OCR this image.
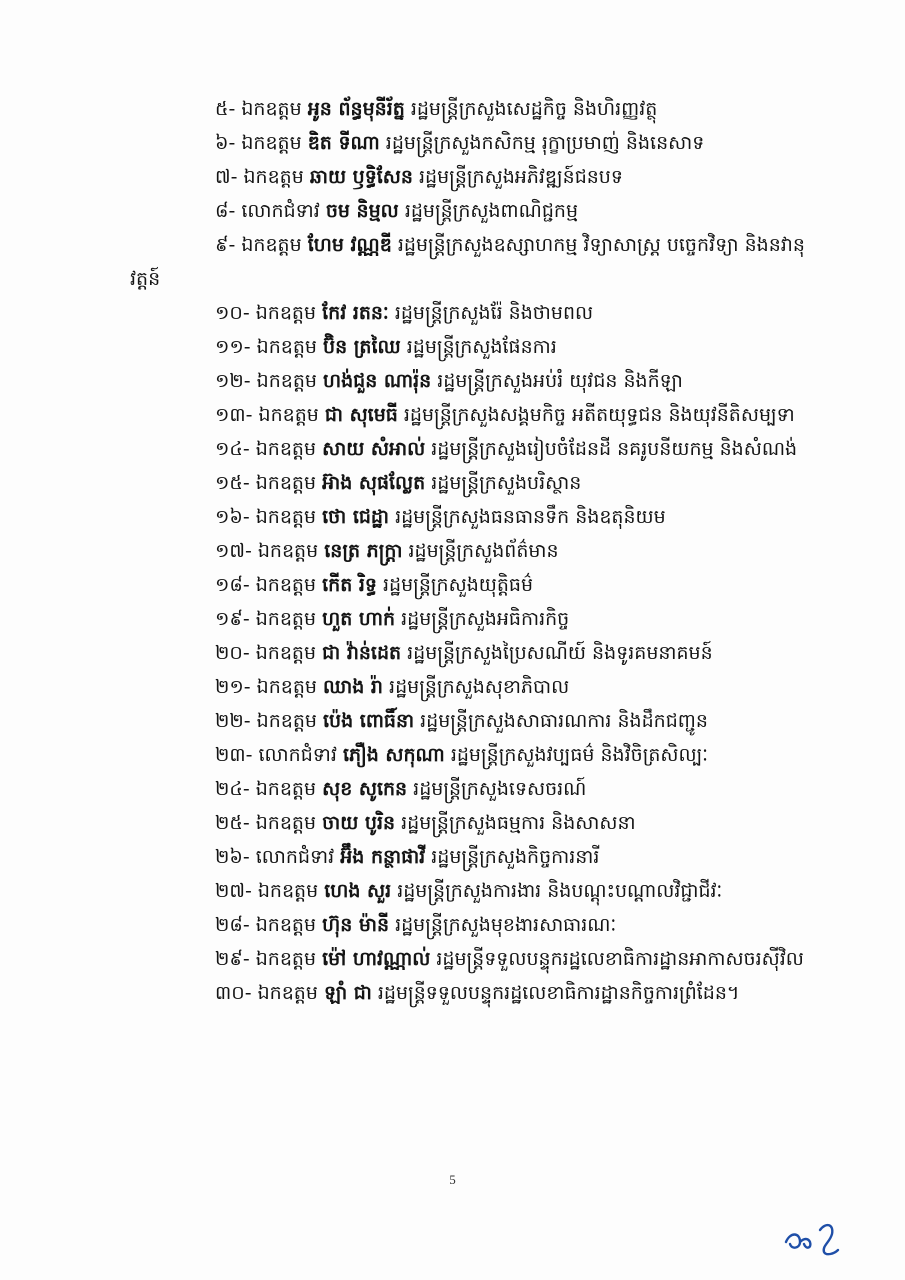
៥- ឯកឧត្តម អូន ព័ន្ធមុនីរ័ត្ន រដ្ឋមន្ត្រីក្រសួងសេដ្ឋកិច្ច និងហិរញ្ញវត្ថុ
៦- ឯកឧត្តម ឌិត ទីណា រដ្ឋមន្ត្រីក្រសួងកសិកម្ម រុក្ខាប្រមាញ់ និងនេសាទ
៧- ឯកឧត្តម ឆាយ ឫទ្ធិសែន រដ្ឋមន្ត្រីក្រសួងអភិវឌ្ឍន៍ជនបទ
៨- លោកជំទាវ ចម និម្មល រដ្ឋមន្ត្រីក្រសួងពាណិជ្ជកម្ម
៩- ឯកឧត្តម ហែម វណ្ណឌី រដ្ឋមន្ត្រីក្រសួងឧស្សាហកម្ម វិទ្យាសាស្ត្រ បច្ចេកវិទ្យា និងនវានុវត្តន៍
១០- ឯកឧត្តម កែវ រតនៈ រដ្ឋមន្ត្រីក្រសួងរ៉ែ និងថាមពល
១១- ឯកឧត្តម ប៊ិន ត្រឈៃ រដ្ឋមន្ត្រីក្រសួងផែនការ
១២- ឯកឧត្តម ហង់ជួន ណារ៉ុន រដ្ឋមន្ត្រីក្រសួងអប់រំ យុវជន និងកីឡា
១៣- ឯកឧត្តម ជា សុមេធី រដ្ឋមន្ត្រីក្រសួងសង្គមកិច្ច អតីតយុទ្ធជន និងយុវនីតិសម្បទា
១៤- ឯកឧត្តម សាយ សំអាល់ រដ្ឋមន្ត្រីក្រសួងរៀបចំដែនដី នគរូបនីយកម្ម និងសំណង់
១៥- ឯកឧត្តម អ៊ាង សុផល្លែត រដ្ឋមន្ត្រីក្រសួងបរិស្ថាន
១៦- ឯកឧត្តម ថោ ជេដ្ឋា រដ្ឋមន្ត្រីក្រសួងធនធានទឹក និងឧតុនិយម
១៧- ឯកឧត្តម នេត្រ ភក្ត្រា រដ្ឋមន្ត្រីក្រសួងព័ត៌មាន
១៨- ឯកឧត្តម កើត រិទ្ធ រដ្ឋមន្ត្រីក្រសួងយុត្តិធម៌
១៩- ឯកឧត្តម ហួត ហាក់ រដ្ឋមន្ត្រីក្រសួងអធិការកិច្ច
២០- ឯកឧត្តម ជា វ៉ាន់ដេត រដ្ឋមន្ត្រីក្រសួងប្រៃសណីយ៍ និងទូរគមនាគមន៍
២១- ឯកឧត្តម ឈាង រ៉ា រដ្ឋមន្ត្រីក្រសួងសុខាភិបាល
២២- ឯកឧត្តម ប៉េង ពោធិ៍នា រដ្ឋមន្ត្រីក្រសួងសាធារណការ និងដឹកជញ្ជូន
២៣- លោកជំទាវ ភឿង សកុណា រដ្ឋមន្ត្រីក្រសួងវប្បធម៌ និងវិចិត្រសិល្បៈ
២៤- ឯកឧត្តម សុខ សូកេន រដ្ឋមន្ត្រីក្រសួងទេសចរណ៍
២៥- ឯកឧត្តម ចាយ បូរិន រដ្ឋមន្ត្រីក្រសួងធម្មការ និងសាសនា
២៦- លោកជំទាវ អ៊ឹង កន្ថាផាវី រដ្ឋមន្ត្រីក្រសួងកិច្ចការនារី
២៧- ឯកឧត្តម ហេង សួរ រដ្ឋមន្ត្រីក្រសួងការងារ និងបណ្តុះបណ្តាលវិជ្ជាជីវៈ
២៨- ឯកឧត្តម ហ៊ុន ម៉ានី រដ្ឋមន្ត្រីក្រសួងមុខងារសាធារណៈ
២៩- ឯកឧត្តម ម៉ៅ ហាវណ្ណាល់ រដ្ឋមន្ត្រីទទួលបន្ទុករដ្ឋលេខាធិការដ្ឋានអាកាសចរស៊ីវិល
៣០- ឯកឧត្តម ឡាំ ជា រដ្ឋមន្ត្រីទទួលបន្ទុករដ្ឋលេខាធិការដ្ឋានកិច្ចការព្រំដែន។
5
